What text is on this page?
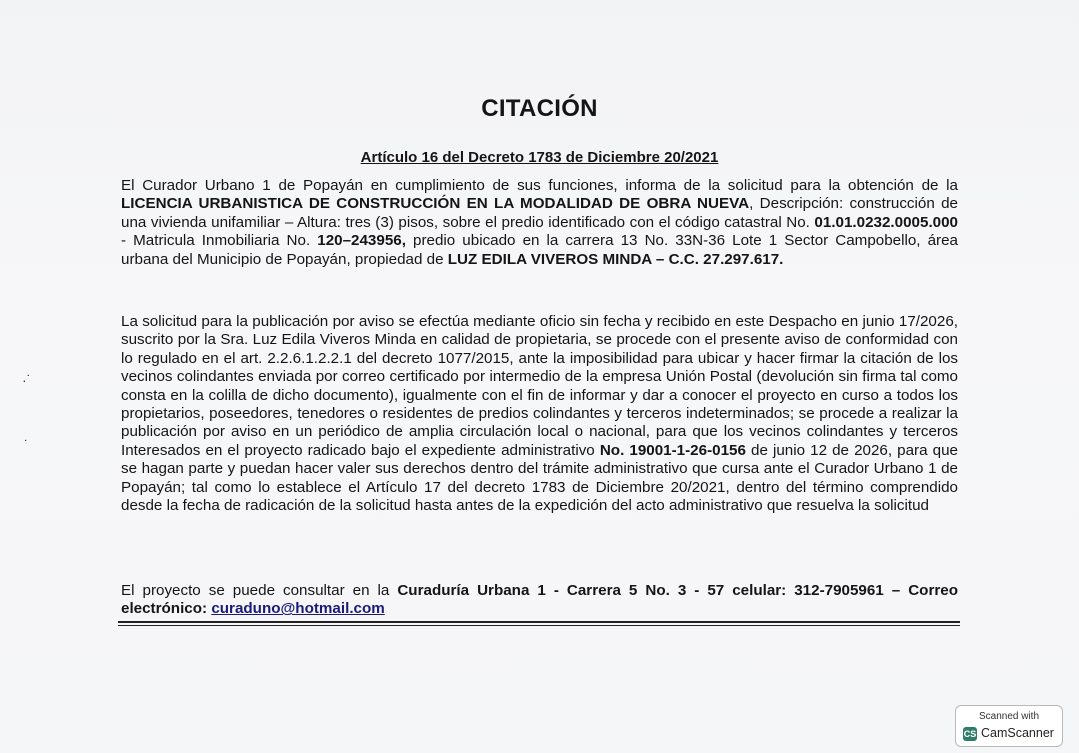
CITACIÓN
Artículo 16 del Decreto 1783 de Diciembre 20/2021

El Curador Urbano 1 de Popayán en cumplimiento de sus funciones, informa de la solicitud para la obtención de la LICENCIA URBANISTICA DE CONSTRUCCIÓN EN LA MODALIDAD DE OBRA NUEVA, Descripción: construcción de una vivienda unifamiliar – Altura: tres (3) pisos, sobre el predio identificado con el código catastral No. 01.01.0232.0005.000 - Matricula Inmobiliaria No. 120–243956, predio ubicado en la carrera 13 No. 33N-36 Lote 1 Sector Campobello, área urbana del Municipio de Popayán, propiedad de LUZ EDILA VIVEROS MINDA – C.C. 27.297.617.

La solicitud para la publicación por aviso se efectúa mediante oficio sin fecha y recibido en este Despacho en junio 17/2026, suscrito por la Sra. Luz Edila Viveros Minda en calidad de propietaria, se procede con el presente aviso de conformidad con lo regulado en el art. 2.2.6.1.2.2.1 del decreto 1077/2015, ante la imposibilidad para ubicar y hacer firmar la citación de los vecinos colindantes enviada por correo certificado por intermedio de la empresa Unión Postal (devolución sin firma tal como consta en la colilla de dicho documento), igualmente con el fin de informar y dar a conocer el proyecto en curso a todos los propietarios, poseedores, tenedores o residentes de predios colindantes y terceros indeterminados; se procede a realizar la publicación por aviso en un periódico de amplia circulación local o nacional, para que los vecinos colindantes y terceros Interesados en el proyecto radicado bajo el expediente administrativo No. 19001-1-26-0156 de junio 12 de 2026, para que se hagan parte y puedan hacer valer sus derechos dentro del trámite administrativo que cursa ante el Curador Urbano 1 de Popayán; tal como lo establece el Artículo 17 del decreto 1783 de Diciembre 20/2021, dentro del término comprendido desde la fecha de radicación de la solicitud hasta antes de la expedición del acto administrativo que resuelva la solicitud

El proyecto se puede consultar en la Curaduría Urbana 1 - Carrera 5 No. 3 - 57 celular: 312-7905961 – Correo electrónico: curaduno@hotmail.com

·˙
˙
Scanned with
CS CamScanner
